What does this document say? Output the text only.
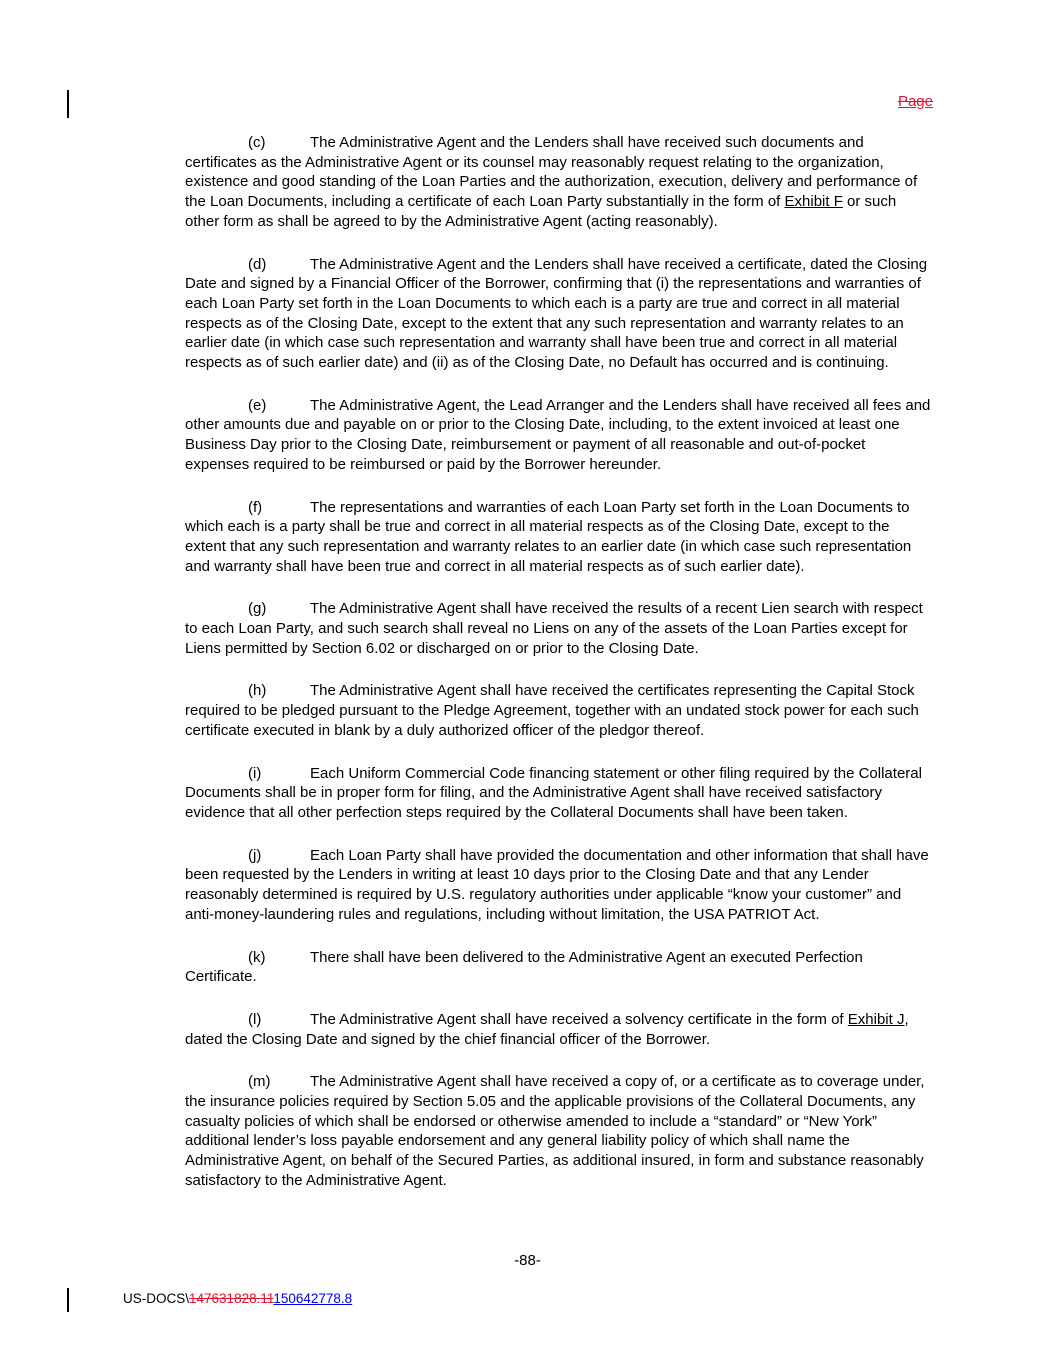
Page

(c)	The Administrative Agent and the Lenders shall have received such documents and certificates as the Administrative Agent or its counsel may reasonably request relating to the organization, existence and good standing of the Loan Parties and the authorization, execution, delivery and performance of the Loan Documents, including a certificate of each Loan Party substantially in the form of Exhibit F or such other form as shall be agreed to by the Administrative Agent (acting reasonably).

(d)	The Administrative Agent and the Lenders shall have received a certificate, dated the Closing Date and signed by a Financial Officer of the Borrower, confirming that (i) the representations and warranties of each Loan Party set forth in the Loan Documents to which each is a party are true and correct in all material respects as of the Closing Date, except to the extent that any such representation and warranty relates to an earlier date (in which case such representation and warranty shall have been true and correct in all material respects as of such earlier date) and (ii) as of the Closing Date, no Default has occurred and is continuing.

(e)	The Administrative Agent, the Lead Arranger and the Lenders shall have received all fees and other amounts due and payable on or prior to the Closing Date, including, to the extent invoiced at least one Business Day prior to the Closing Date, reimbursement or payment of all reasonable and out-of-pocket expenses required to be reimbursed or paid by the Borrower hereunder.

(f)	The representations and warranties of each Loan Party set forth in the Loan Documents to which each is a party shall be true and correct in all material respects as of the Closing Date, except to the extent that any such representation and warranty relates to an earlier date (in which case such representation and warranty shall have been true and correct in all material respects as of such earlier date).

(g)	The Administrative Agent shall have received the results of a recent Lien search with respect to each Loan Party, and such search shall reveal no Liens on any of the assets of the Loan Parties except for Liens permitted by Section 6.02 or discharged on or prior to the Closing Date.

(h)	The Administrative Agent shall have received the certificates representing the Capital Stock required to be pledged pursuant to the Pledge Agreement, together with an undated stock power for each such certificate executed in blank by a duly authorized officer of the pledgor thereof.

(i)	Each Uniform Commercial Code financing statement or other filing required by the Collateral Documents shall be in proper form for filing, and the Administrative Agent shall have received satisfactory evidence that all other perfection steps required by the Collateral Documents shall have been taken.

(j)	Each Loan Party shall have provided the documentation and other information that shall have been requested by the Lenders in writing at least 10 days prior to the Closing Date and that any Lender reasonably determined is required by U.S. regulatory authorities under applicable “know your customer” and anti-money-laundering rules and regulations, including without limitation, the USA PATRIOT Act.

(k)	There shall have been delivered to the Administrative Agent an executed Perfection Certificate.

(l)	The Administrative Agent shall have received a solvency certificate in the form of Exhibit J, dated the Closing Date and signed by the chief financial officer of the Borrower.

(m)	The Administrative Agent shall have received a copy of, or a certificate as to coverage under, the insurance policies required by Section 5.05 and the applicable provisions of the Collateral Documents, any casualty policies of which shall be endorsed or otherwise amended to include a “standard” or “New York” additional lender’s loss payable endorsement and any general liability policy of which shall name the Administrative Agent, on behalf of the Secured Parties, as additional insured, in form and substance reasonably satisfactory to the Administrative Agent.

-88-
US-DOCS\147631828.11150642778.8
